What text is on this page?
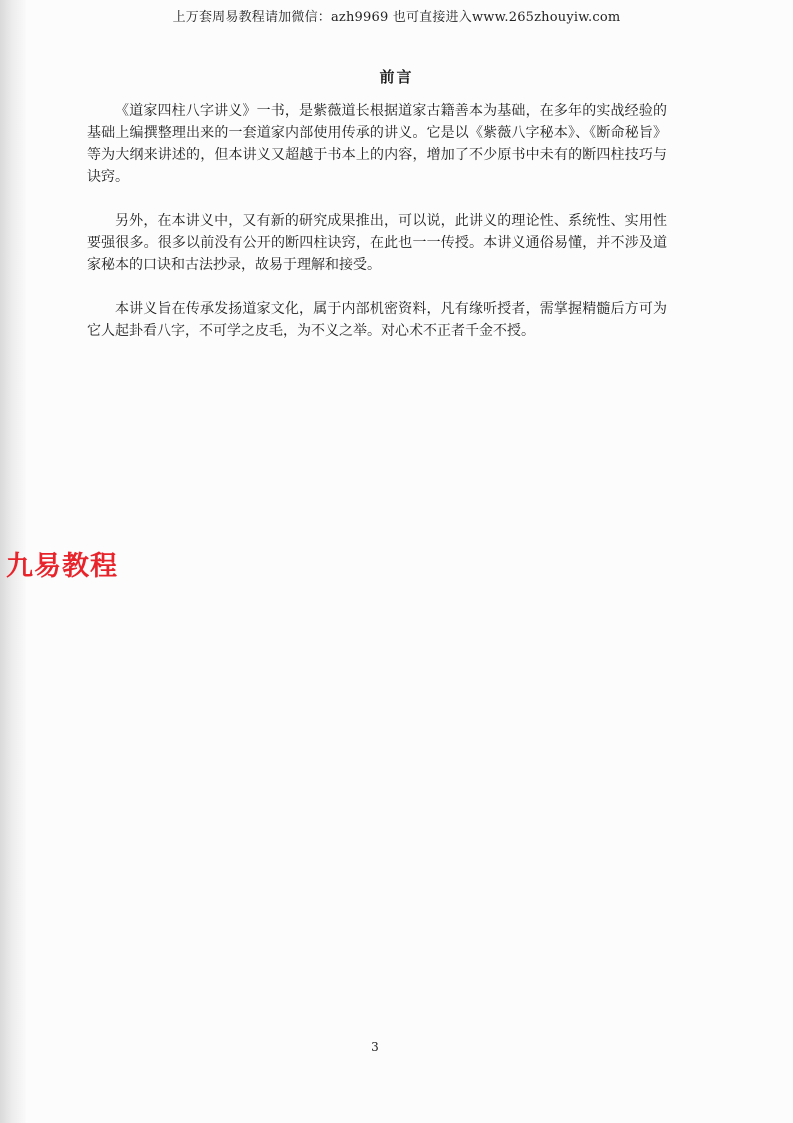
上万套周易教程请加微信：azh9969 也可直接进入www.265zhouyiw.com
前言

《道家四柱八字讲义》一书，是紫薇道长根据道家古籍善本为基础，在多年的实战经验的基础上编撰整理出来的一套道家内部使用传承的讲义。它是以《紫薇八字秘本》、《断命秘旨》等为大纲来讲述的，但本讲义又超越于书本上的内容，增加了不少原书中未有的断四柱技巧与诀窍。

另外，在本讲义中，又有新的研究成果推出，可以说，此讲义的理论性、系统性、实用性要强很多。很多以前没有公开的断四柱诀窍，在此也一一传授。本讲义通俗易懂，并不涉及道家秘本的口诀和古法抄录，故易于理解和接受。

本讲义旨在传承发扬道家文化，属于内部机密资料，凡有缘听授者，需掌握精髓后方可为它人起卦看八字，不可学之皮毛，为不义之举。对心术不正者千金不授。

九易教程
3
